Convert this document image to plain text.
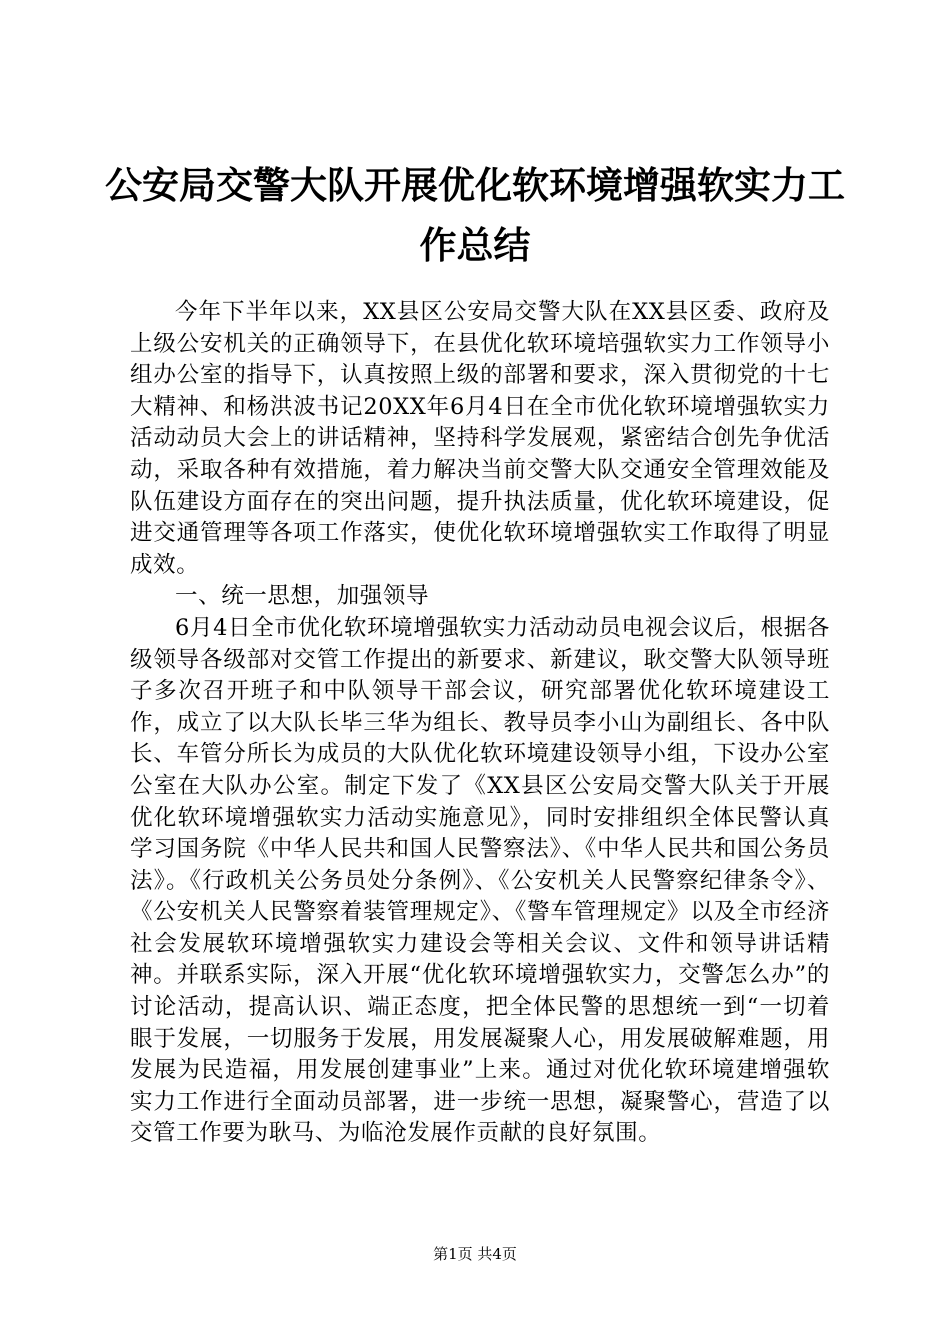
公安局交警大队开展优化软环境增强软实力工作总结

今年下半年以来，XX县区公安局交警大队在XX县区委、政府及上级公安机关的正确领导下，在县优化软环境培强软实力工作领导小组办公室的指导下，认真按照上级的部署和要求，深入贯彻党的十七大精神、和杨洪波书记20XX年6月4日在全市优化软环境增强软实力活动动员大会上的讲话精神，坚持科学发展观，紧密结合创先争优活动，采取各种有效措施，着力解决当前交警大队交通安全管理效能及队伍建设方面存在的突出问题，提升执法质量，优化软环境建设，促进交通管理等各项工作落实，使优化软环境增强软实工作取得了明显成效。

一、统一思想，加强领导

6月4日全市优化软环境增强软实力活动动员电视会议后，根据各级领导各级部对交管工作提出的新要求、新建议，耿交警大队领导班子多次召开班子和中队领导干部会议，研究部署优化软环境建设工作，成立了以大队长毕三华为组长、教导员李小山为副组长、各中队长、车管分所长为成员的大队优化软环境建设领导小组，下设办公室公室在大队办公室。制定下发了《XX县区公安局交警大队关于开展优化软环境增强软实力活动实施意见》，同时安排组织全体民警认真学习国务院《中华人民共和国人民警察法》、《中华人民共和国公务员法》。《行政机关公务员处分条例》、《公安机关人民警察纪律条令》、《公安机关人民警察着装管理规定》、《警车管理规定》以及全市经济社会发展软环境增强软实力建设会等相关会议、文件和领导讲话精神。并联系实际，深入开展“优化软环境增强软实力，交警怎么办”的讨论活动，提高认识、端正态度，把全体民警的思想统一到“一切着眼于发展，一切服务于发展，用发展凝聚人心，用发展破解难题，用发展为民造福，用发展创建事业”上来。通过对优化软环境建增强软实力工作进行全面动员部署，进一步统一思想，凝聚警心，营造了以交管工作要为耿马、为临沧发展作贡献的良好氛围。

第1页 共4页
